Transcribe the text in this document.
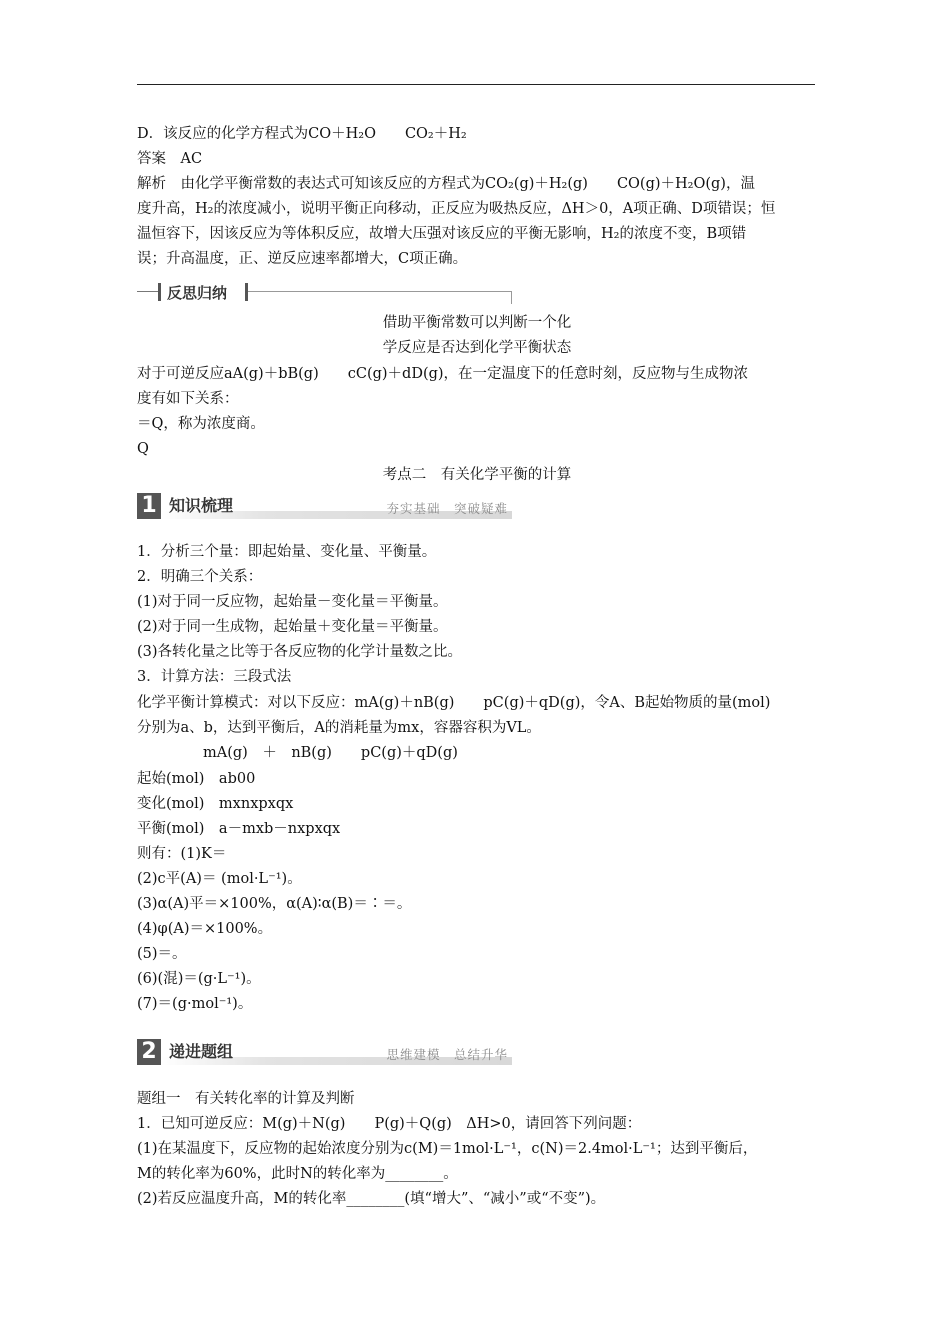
D．该反应的化学方程式为CO＋H₂O　　CO₂＋H₂
答案　AC
解析　由化学平衡常数的表达式可知该反应的方程式为CO₂(g)＋H₂(g)　　CO(g)＋H₂O(g)，温
度升高，H₂的浓度减小，说明平衡正向移动，正反应为吸热反应，ΔH＞0，A项正确、D项错误；恒
温恒容下，因该反应为等体积反应，故增大压强对该反应的平衡无影响，H₂的浓度不变，B项错
误；升高温度，正、逆反应速率都增大，C项正确。
反思归纳
借助平衡常数可以判断一个化
学反应是否达到化学平衡状态
对于可逆反应aA(g)＋bB(g)　　cC(g)＋dD(g)，在一定温度下的任意时刻，反应物与生成物浓
度有如下关系：
＝Q，称为浓度商。
Q
考点二　有关化学平衡的计算
1 知识梳理	夯实基础　突破疑难
1．分析三个量：即起始量、变化量、平衡量。
2．明确三个关系：
(1)对于同一反应物，起始量－变化量＝平衡量。
(2)对于同一生成物，起始量＋变化量＝平衡量。
(3)各转化量之比等于各反应物的化学计量数之比。
3．计算方法：三段式法
化学平衡计算模式：对以下反应：mA(g)＋nB(g)　　pC(g)＋qD(g)，令A、B起始物质的量(mol)
分别为a、b，达到平衡后，A的消耗量为mx，容器容积为VL。
mA(g)　＋　nB(g)　　pC(g)＋qD(g)
起始(mol)　ab00
变化(mol)　mxnxpxqx
平衡(mol)　a－mxb－nxpxqx
则有：(1)K＝
(2)c平(A)＝ (mol·L⁻¹)。
(3)α(A)平＝×100%，α(A)∶α(B)＝∶＝。
(4)φ(A)＝×100%。
(5)＝。
(6)(混)＝(g·L⁻¹)。
(7)＝(g·mol⁻¹)。
2 递进题组	思维建模　总结升华
题组一　有关转化率的计算及判断
1．已知可逆反应：M(g)＋N(g)　　P(g)＋Q(g)　ΔH>0，请回答下列问题：
(1)在某温度下，反应物的起始浓度分别为c(M)＝1mol·L⁻¹，c(N)＝2.4mol·L⁻¹；达到平衡后，
M的转化率为60%，此时N的转化率为________。
(2)若反应温度升高，M的转化率________(填“增大”、“减小”或“不变”)。
